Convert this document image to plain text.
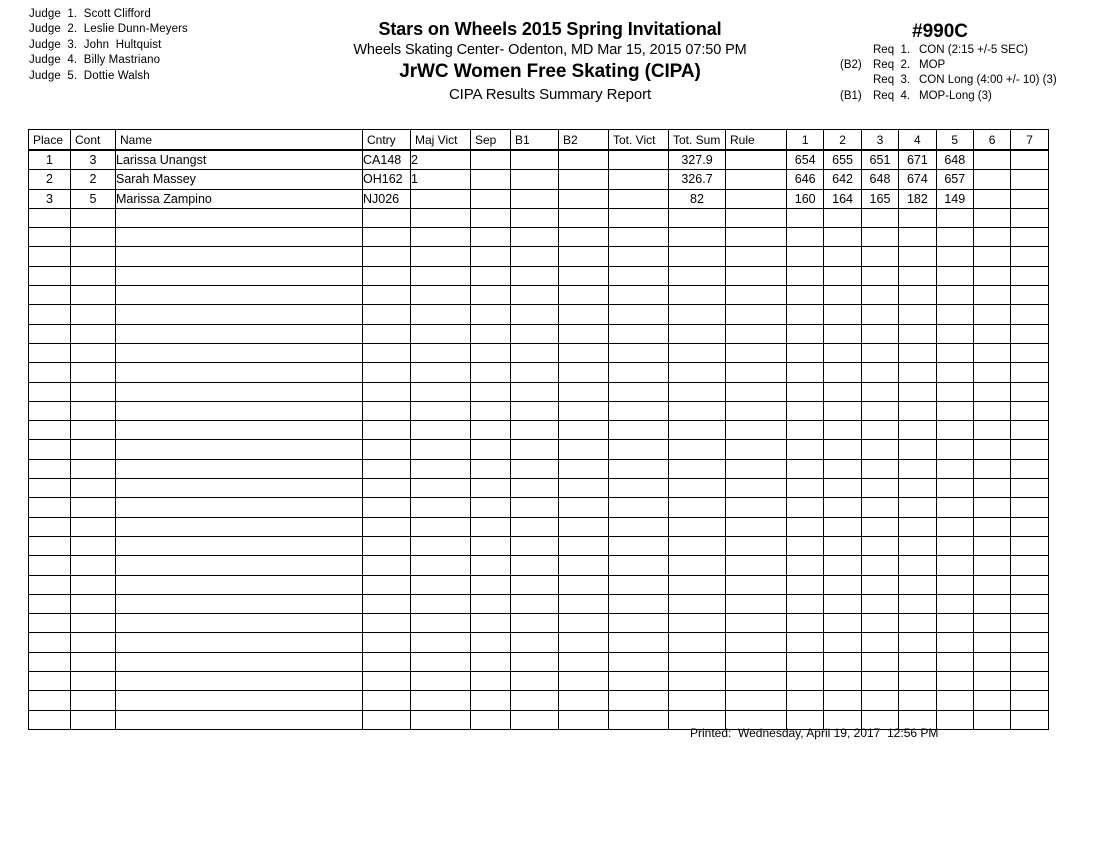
Judge  1.  Scott Clifford
Judge  2.  Leslie Dunn-Meyers
Judge  3.  John  Hultquist
Judge  4.  Billy Mastriano
Judge  5.  Dottie Walsh
Stars on Wheels 2015 Spring Invitational
Wheels Skating Center- Odenton, MD Mar 15, 2015 07:50 PM
JrWC Women Free Skating (CIPA)
CIPA Results Summary Report
#990C
Req  1. CON (2:15 +/-5 SEC)
(B2) Req  2. MOP
Req  3. CON Long (4:00 +/- 10) (3)
(B1) Req  4. MOP-Long (3)
Place	Cont	Name	Cntry	Maj Vict	Sep	B1	B2	Tot. Vict	Tot. Sum	Rule	1	2	3	4	5	6	7
1	3	Larissa Unangst	CA148	2					327.9		654	655	651	671	648		
2	2	Sarah Massey	OH162	1					326.7		646	642	648	674	657		
3	5	Marissa Zampino	NJ026						82		160	164	165	182	149		

Printed:  Wednesday, April 19, 2017  12:56 PM
